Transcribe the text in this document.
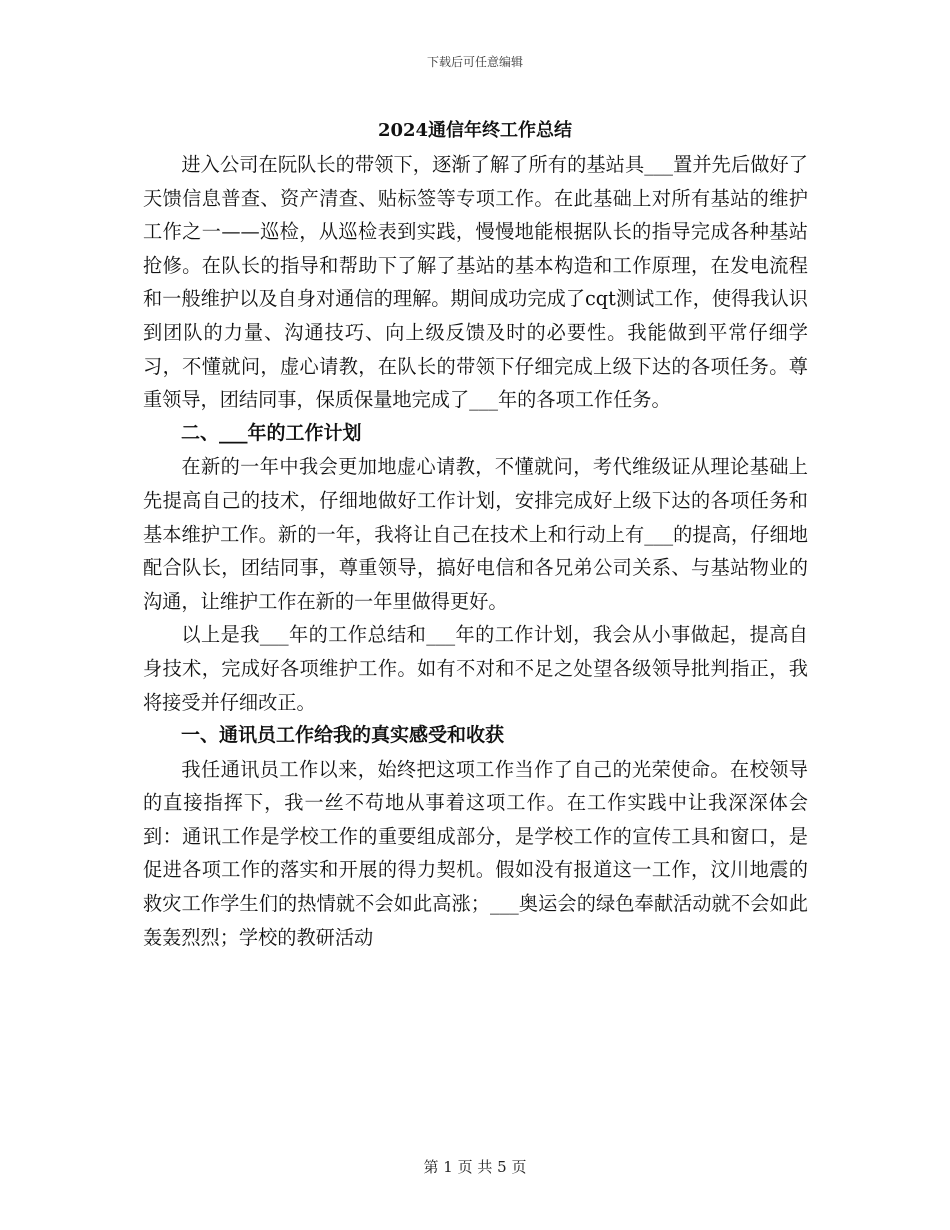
下载后可任意编辑
2024通信年终工作总结

进入公司在阮队长的带领下，逐渐了解了所有的基站具___置并先后做好了天馈信息普查、资产清查、贴标签等专项工作。在此基础上对所有基站的维护工作之一——巡检，从巡检表到实践，慢慢地能根据队长的指导完成各种基站抢修。在队长的指导和帮助下了解了基站的基本构造和工作原理，在发电流程和一般维护以及自身对通信的理解。期间成功完成了cqt测试工作，使得我认识到团队的力量、沟通技巧、向上级反馈及时的必要性。我能做到平常仔细学习，不懂就问，虚心请教，在队长的带领下仔细完成上级下达的各项任务。尊重领导，团结同事，保质保量地完成了___年的各项工作任务。

二、___年的工作计划

在新的一年中我会更加地虚心请教，不懂就问，考代维级证从理论基础上先提高自己的技术，仔细地做好工作计划，安排完成好上级下达的各项任务和基本维护工作。新的一年，我将让自己在技术上和行动上有___的提高，仔细地配合队长，团结同事，尊重领导，搞好电信和各兄弟公司关系、与基站物业的沟通，让维护工作在新的一年里做得更好。

以上是我___年的工作总结和___年的工作计划，我会从小事做起，提高自身技术，完成好各项维护工作。如有不对和不足之处望各级领导批判指正，我将接受并仔细改正。

一、通讯员工作给我的真实感受和收获

我任通讯员工作以来，始终把这项工作当作了自己的光荣使命。在校领导的直接指挥下，我一丝不苟地从事着这项工作。在工作实践中让我深深体会到：通讯工作是学校工作的重要组成部分，是学校工作的宣传工具和窗口，是促进各项工作的落实和开展的得力契机。假如没有报道这一工作，汶川地震的救灾工作学生们的热情就不会如此高涨；___奥运会的绿色奉献活动就不会如此轰轰烈烈；学校的教研活动

第 1 页 共 5 页
